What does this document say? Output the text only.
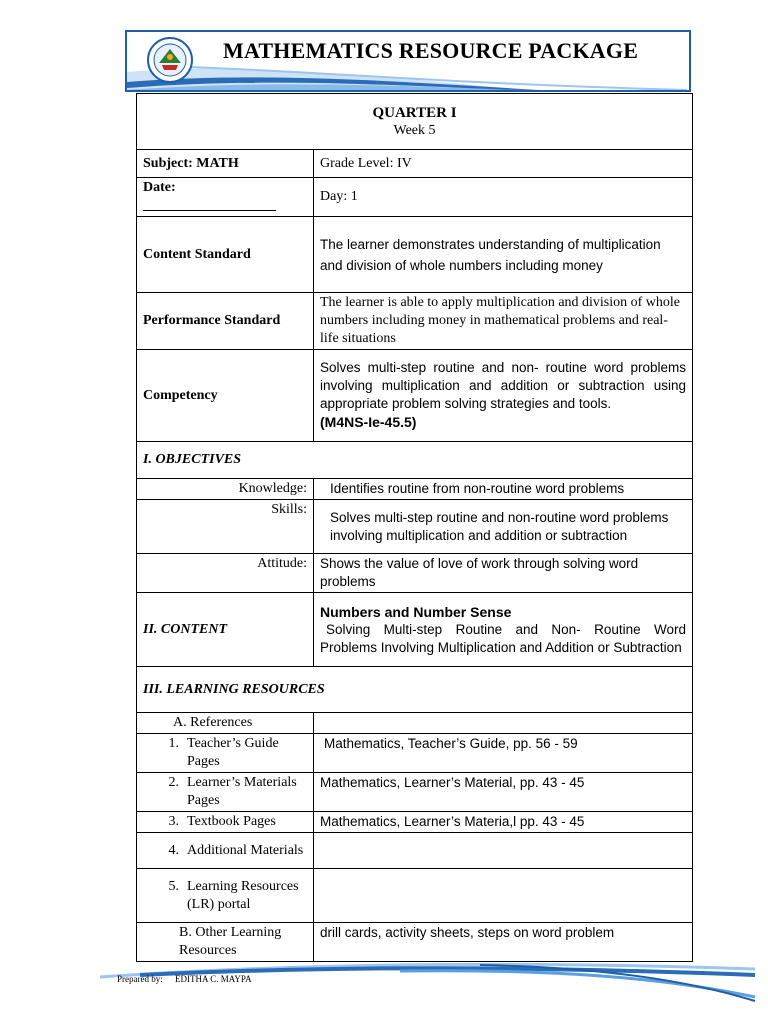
MATHEMATICS RESOURCE PACKAGE
QUARTER I
Week 5	

Subject: MATH	Grade Level: IV
Date: ___________________	Day: 1
Content Standard	The learner demonstrates understanding of multiplication and division of whole numbers including money
Performance Standard	The learner is able to apply multiplication and division of whole numbers including money in mathematical problems and real-life situations
Competency	Solves multi-step routine and non- routine word problems involving multiplication and addition or subtraction using appropriate problem solving strategies and tools.
(M4NS-Ie-45.5)
I. OBJECTIVES	
Knowledge:	Identifies routine from non-routine word problems
Skills:	Solves multi-step routine and non-routine word problems involving multiplication and addition or subtraction
Attitude:	Shows the value of love of work through solving word problems
II. CONTENT	Numbers and Number Sense
Solving Multi-step Routine and Non- Routine Word Problems Involving Multiplication and Addition or Subtraction

III. LEARNING RESOURCES	
A. References	

1. Teacher’s Guide Pages	Mathematics, Teacher’s Guide, pp. 56 - 59

2. Learner’s Materials Pages	Mathematics, Learner’s Material, pp. 43 - 45

3. Textbook Pages	Mathematics, Learner’s Materia,l pp. 43 - 45

4. Additional Materials	

5. Learning Resources (LR) portal	

B. Other Learning Resources	drill cards, activity sheets, steps on word problem
Prepared by: EDITHA C. MAYPA
